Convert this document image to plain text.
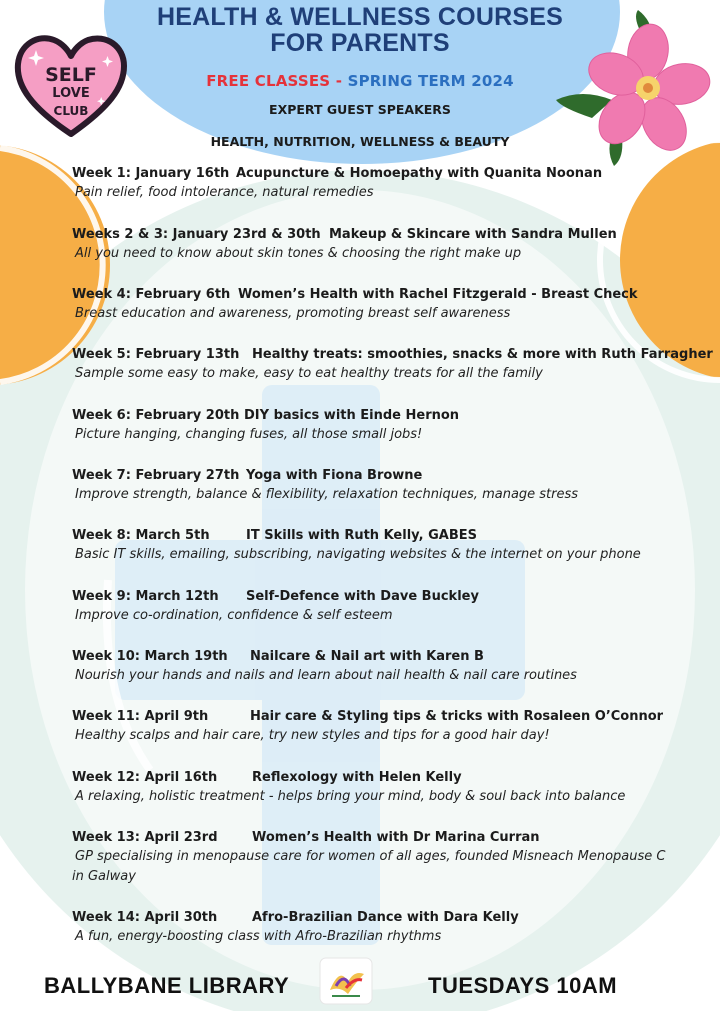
SELF
LOVE
CLUB
HEALTH & WELLNESS COURSES
FOR PARENTS
FREE CLASSES - SPRING TERM 2024
EXPERT GUEST SPEAKERS
HEALTH, NUTRITION, WELLNESS & BEAUTY
Week 1: January 16th Acupuncture & Homoepathy with Quanita Noonan
Pain relief, food intolerance, natural remedies
Weeks 2 & 3: January 23rd & 30th Makeup & Skincare with Sandra Mullen
All you need to know about skin tones & choosing the right make up
Week 4: February 6th Women’s Health with Rachel Fitzgerald - Breast Check
Breast education and awareness, promoting breast self awareness
Week 5: February 13th Healthy treats: smoothies, snacks & more with Ruth Farragher
Sample some easy to make, easy to eat healthy treats for all the family
Week 6: February 20th DIY basics with Einde Hernon
Picture hanging, changing fuses, all those small jobs!
Week 7: February 27th Yoga with Fiona Browne
Improve strength, balance & flexibility, relaxation techniques, manage stress
Week 8: March 5th	IT Skills with Ruth Kelly, GABES
Basic IT skills, emailing, subscribing, navigating websites & the internet on your phone
Week 9: March 12th Self-Defence with Dave Buckley
Improve co-ordination, confidence & self esteem
Week 10: March 19th Nailcare & Nail art with Karen B
Nourish your hands and nails and learn about nail health & nail care routines
Week 11: April 9th	Hair care & Styling tips & tricks with Rosaleen O’Connor
Healthy scalps and hair care, try new styles and tips for a good hair day!
Week 12: April 16th	Reflexology with Helen Kelly
A relaxing, holistic treatment - helps bring your mind, body & soul back into balance
Week 13: April 23rd	Women’s Health with Dr Marina Curran
GP specialising in menopause care for women of all ages, founded Misneach Menopause C
in Galway
Week 14: April 30th	Afro-Brazilian Dance with Dara Kelly
A fun, energy-boosting class with Afro-Brazilian rhythms
BALLYBANE LIBRARY	TUESDAYS 10AM
